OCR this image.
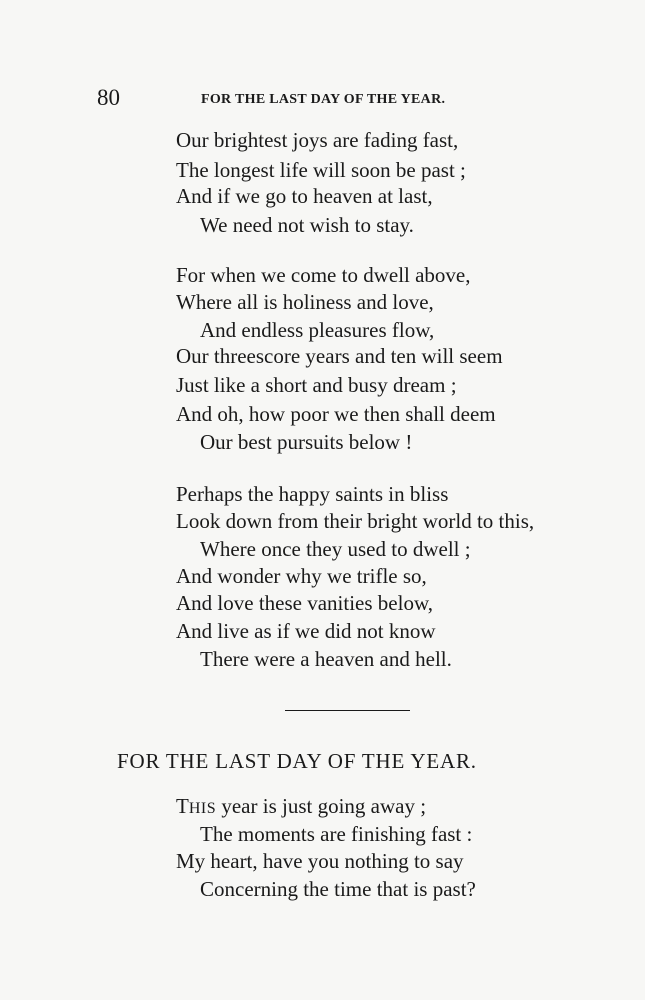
80	FOR THE LAST DAY OF THE YEAR.
Our brightest joys are fading fast,
The longest life will soon be past ;
And if we go to heaven at last,
We need not wish to stay.
For when we come to dwell above,
Where all is holiness and love,
And endless pleasures flow,
Our threescore years and ten will seem
Just like a short and busy dream ;
And oh, how poor we then shall deem
Our best pursuits below !
Perhaps the happy saints in bliss
Look down from their bright world to this,
Where once they used to dwell ;
And wonder why we trifle so,
And love these vanities below,
And live as if we did not know
There were a heaven and hell.
FOR THE LAST DAY OF THE YEAR.
THIS year is just going away ;
The moments are finishing fast :
My heart, have you nothing to say
Concerning the time that is past?
